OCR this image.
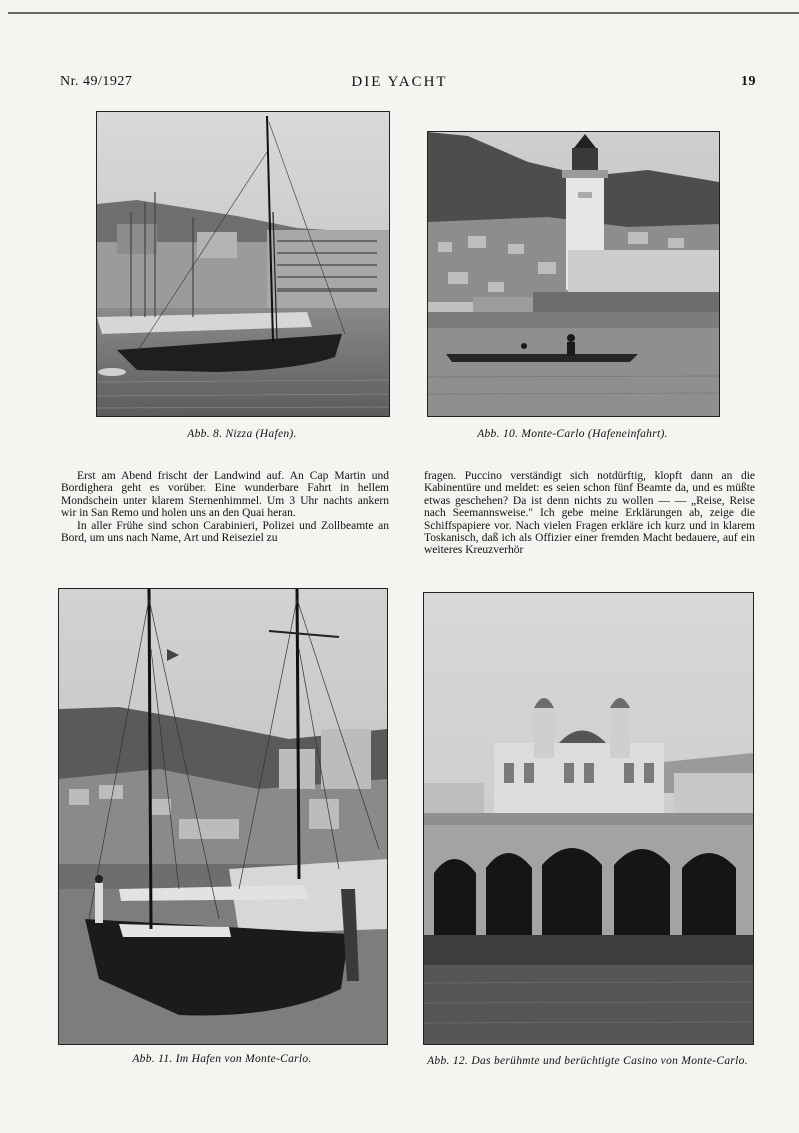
Nr. 49/1927	DIE YACHT	19
Abb. 8. Nizza (Hafen).	Abb. 10. Monte-Carlo (Hafeneinfahrt).

Erst am Abend frischt der Landwind auf. An Cap Martin und Bordighera geht es vorüber. Eine wunderbare Fahrt in hellem Mondschein unter klarem Sternenhimmel. Um 3 Uhr nachts ankern wir in San Remo und holen uns an den Quai heran.

In aller Frühe sind schon Carabinieri, Polizei und Zollbeamte an Bord, um uns nach Name, Art und Reiseziel zu

fragen. Puccino verständigt sich notdürftig, klopft dann an die Kabinentüre und meldet: es seien schon fünf Beamte da, und es müßte etwas geschehen? Da ist denn nichts zu wollen — — „Reise, Reise nach Seemannsweise." Ich gebe meine Erklärungen ab, zeige die Schiffspapiere vor. Nach vielen Fragen erkläre ich kurz und in klarem Toskanisch, daß ich als Offizier einer fremden Macht bedauere, auf ein weiteres Kreuzverhör

Abb. 11. Im Hafen von Monte-Carlo.	Abb. 12. Das berühmte und berüchtigte Casino von Monte-Carlo.
